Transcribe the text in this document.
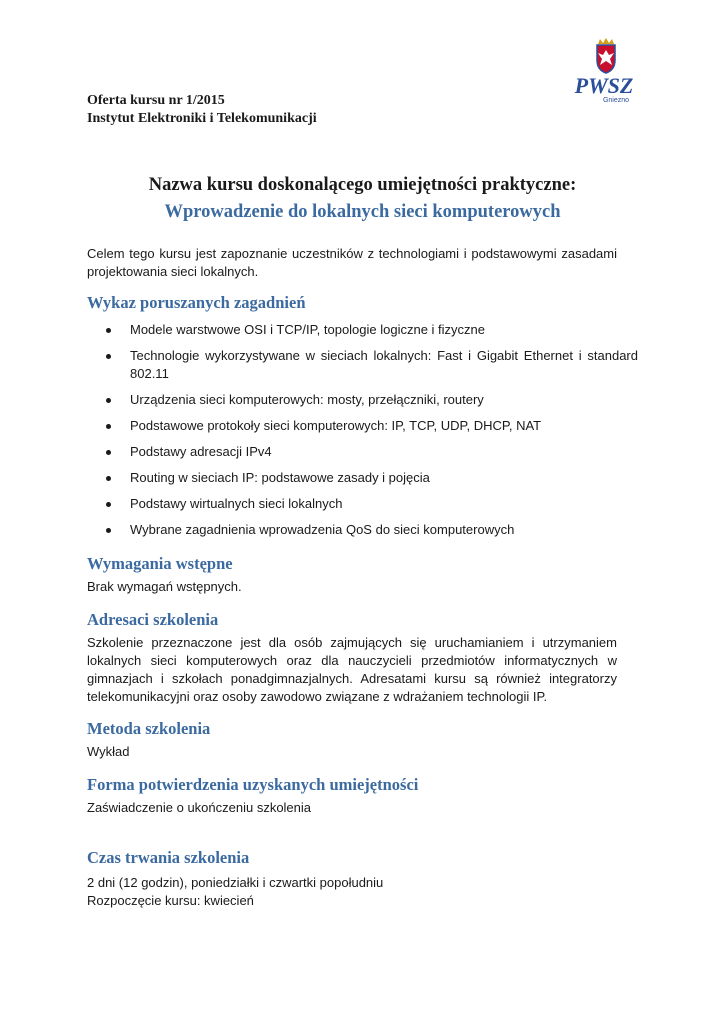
Oferta kursu nr 1/2015
Instytut Elektroniki i Telekomunikacji
PWSZ
Gniezno
Nazwa kursu doskonalącego umiejętności praktyczne:
Wprowadzenie do lokalnych sieci komputerowych
Celem tego kursu jest zapoznanie uczestników z technologiami i podstawowymi zasadami projektowania sieci lokalnych.
Wykaz poruszanych zagadnień
Modele warstwowe OSI i TCP/IP, topologie logiczne i fizyczne
Technologie wykorzystywane w sieciach lokalnych: Fast i Gigabit Ethernet i standard 802.11
Urządzenia sieci komputerowych: mosty, przełączniki, routery
Podstawowe protokoły sieci komputerowych: IP, TCP, UDP, DHCP, NAT
Podstawy adresacji IPv4
Routing w sieciach IP: podstawowe zasady i pojęcia
Podstawy wirtualnych sieci lokalnych
Wybrane zagadnienia wprowadzenia QoS do sieci komputerowych
Wymagania wstępne
Brak wymagań wstępnych.
Adresaci szkolenia
Szkolenie przeznaczone jest dla osób zajmujących się uruchamianiem i utrzymaniem lokalnych sieci komputerowych oraz dla nauczycieli przedmiotów informatycznych w gimnazjach i szkołach ponadgimnazjalnych. Adresatami kursu są również integratorzy telekomunikacyjni oraz osoby zawodowo związane z wdrażaniem technologii IP.
Metoda szkolenia
Wykład
Forma potwierdzenia uzyskanych umiejętności
Zaświadczenie o ukończeniu szkolenia
Czas trwania szkolenia
2 dni (12 godzin), poniedziałki i czwartki popołudniu
Rozpoczęcie kursu: kwiecień
